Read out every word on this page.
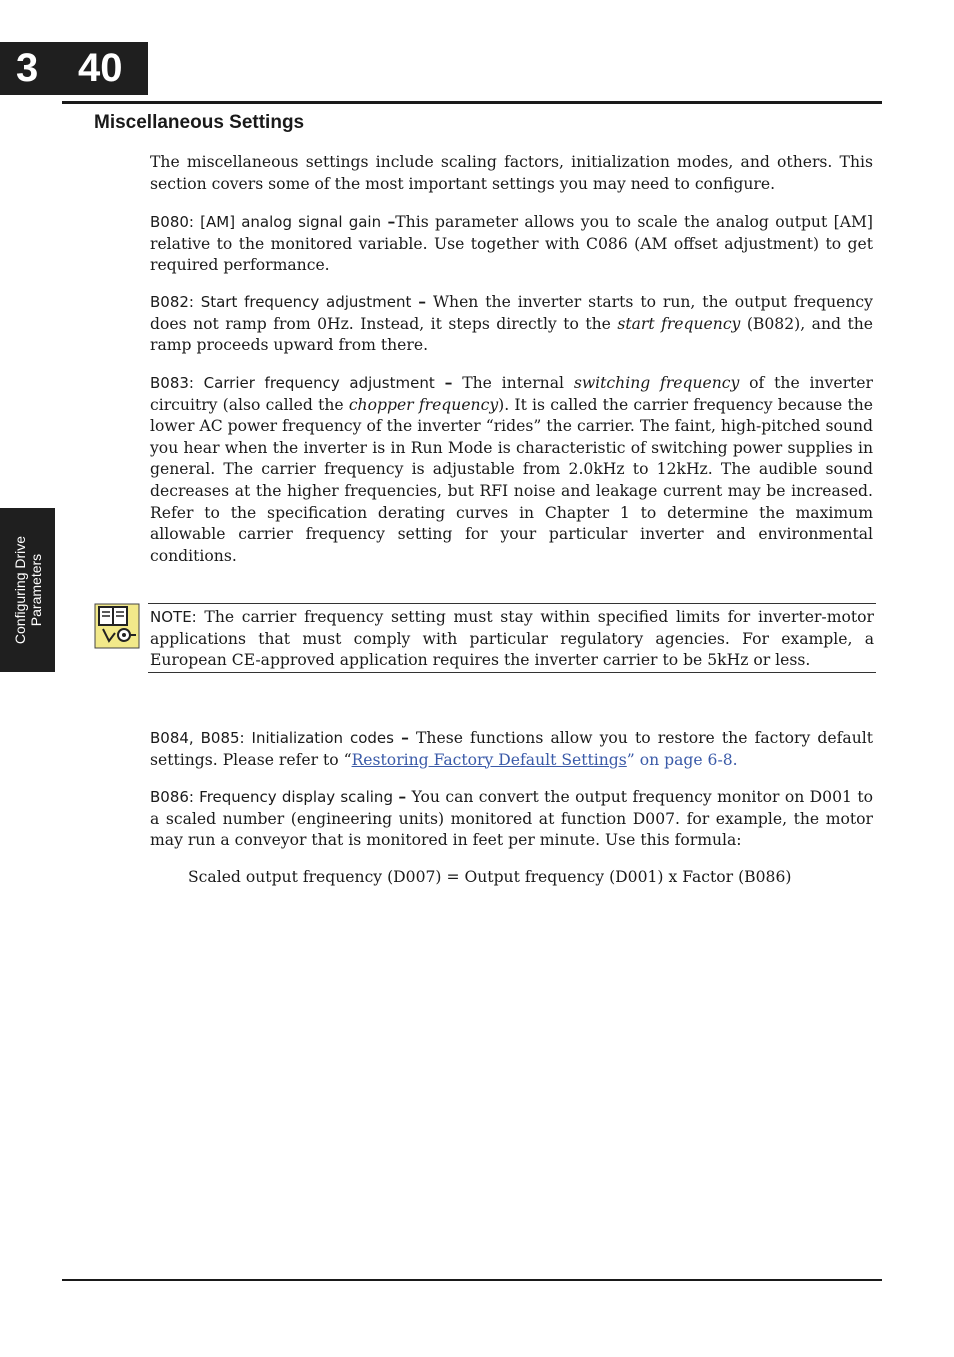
3 40
Configuring Drive Parameters
Miscellaneous Settings

The miscellaneous settings include scaling factors, initialization modes, and others. This section covers some of the most important settings you may need to configure.

B080: [AM] analog signal gain –This parameter allows you to scale the analog output [AM] relative to the monitored variable. Use together with C086 (AM offset adjustment) to get required performance.

B082: Start frequency adjustment – When the inverter starts to run, the output frequency does not ramp from 0Hz. Instead, it steps directly to the start frequency (B082), and the ramp proceeds upward from there.

B083: Carrier frequency adjustment – The internal switching frequency of the inverter circuitry (also called the chopper frequency). It is called the carrier frequency because the lower AC power frequency of the inverter “rides” the carrier. The faint, high-pitched sound you hear when the inverter is in Run Mode is characteristic of switching power supplies in general. The carrier frequency is adjustable from 2.0kHz to 12kHz. The audible sound decreases at the higher frequencies, but RFI noise and leakage current may be increased. Refer to the specification derating curves in Chapter 1 to determine the maximum allowable carrier frequency setting for your particular inverter and environmental conditions.

NOTE: The carrier frequency setting must stay within specified limits for inverter-motor applications that must comply with particular regulatory agencies. For example, a European CE-approved application requires the inverter carrier to be 5kHz or less.

B084, B085: Initialization codes – These functions allow you to restore the factory default settings. Please refer to “Restoring Factory Default Settings” on page 6-8.

B086: Frequency display scaling – You can convert the output frequency monitor on D001 to a scaled number (engineering units) monitored at function D007. for example, the motor may run a conveyor that is monitored in feet per minute. Use this formula:

Scaled output frequency (D007) = Output frequency (D001) x Factor (B086)
